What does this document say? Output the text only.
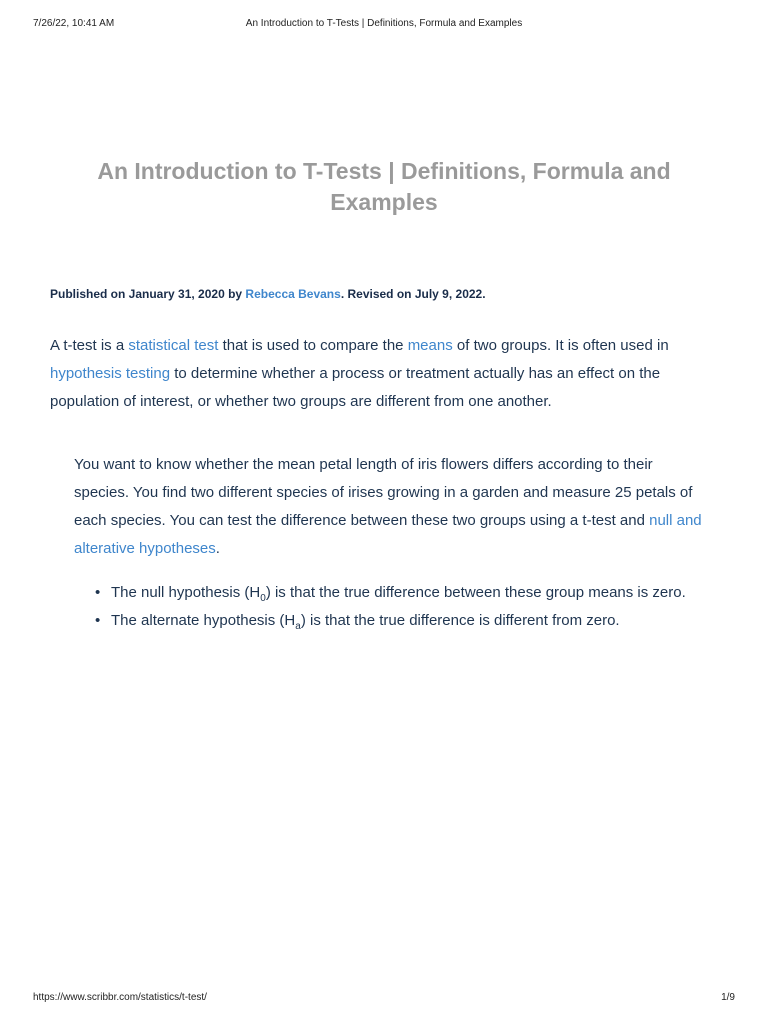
7/26/22, 10:41 AM	An Introduction to T-Tests | Definitions, Formula and Examples
An Introduction to T-Tests | Definitions, Formula and Examples
Published on January 31, 2020 by Rebecca Bevans. Revised on July 9, 2022.

A t-test is a statistical test that is used to compare the means of two groups. It is often used in hypothesis testing to determine whether a process or treatment actually has an effect on the population of interest, or whether two groups are different from one another.

You want to know whether the mean petal length of iris flowers differs according to their species. You find two different species of irises growing in a garden and measure 25 petals of each species. You can test the difference between these two groups using a t-test and null and alterative hypotheses.

• The null hypothesis $(H_0)$ is that the true difference between these group means is zero.
• The alternate hypothesis $(H_a)$ is that the true difference is different from zero.
https://www.scribbr.com/statistics/t-test/	1/9
